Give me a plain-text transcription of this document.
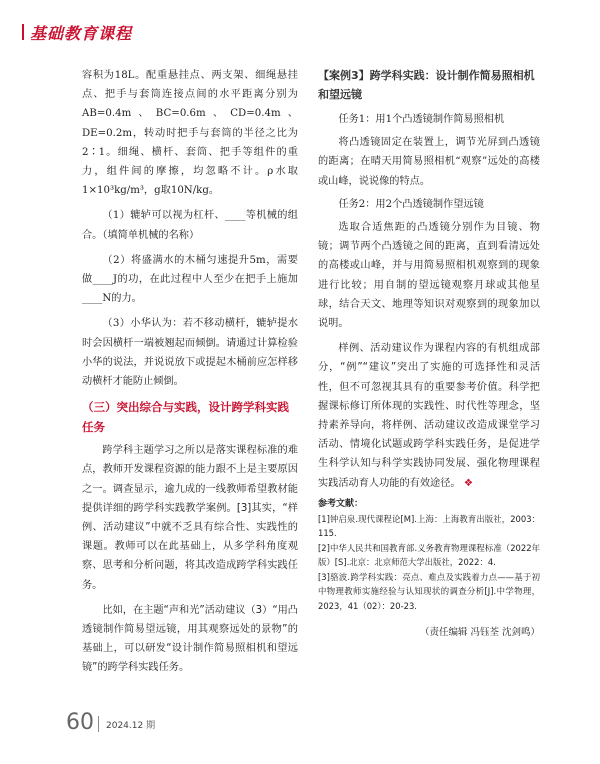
基础教育课程

容积为18L。配重悬挂点、两支架、细绳悬挂点、把手与套筒连接点间的水平距离分别为AB=0.4m、BC=0.6m、CD=0.4m、DE=0.2m，转动时把手与套筒的半径之比为2∶1。细绳、横杆、套筒、把手等组件的重力，组件间的摩擦，均忽略不计。ρ水取1×10³kg/m³，g取10N/kg。

（1）辘轳可以视为杠杆、____等机械的组合。（填简单机械的名称）

（2）将盛满水的木桶匀速提升5m，需要做____J的功，在此过程中人至少在把手上施加____N的力。

（3）小华认为：若不移动横杆，辘轳提水时会因横杆一端被翘起而倾倒。请通过计算检验小华的说法，并说说放下或提起木桶前应怎样移动横杆才能防止倾倒。

（三）突出综合与实践，设计跨学科实践任务

跨学科主题学习之所以是落实课程标准的难点，教师开发课程资源的能力跟不上是主要原因之一。调查显示，逾九成的一线教师希望教材能提供详细的跨学科实践教学案例。[3]其实，“样例、活动建议”中就不乏具有综合性、实践性的课题。教师可以在此基础上，从多学科角度观察、思考和分析问题，将其改造成跨学科实践任务。

比如，在主题“声和光”活动建议（3）“用凸透镜制作简易望远镜，用其观察远处的景物”的基础上，可以研发“设计制作简易照相机和望远镜”的跨学科实践任务。

【案例3】跨学科实践：设计制作简易照相机和望远镜

任务1：用1个凸透镜制作简易照相机

将凸透镜固定在装置上，调节光屏到凸透镜的距离；在晴天用简易照相机“观察”远处的高楼或山峰，说说像的特点。

任务2：用2个凸透镜制作望远镜

选取合适焦距的凸透镜分别作为目镜、物镜；调节两个凸透镜之间的距离，直到看清远处的高楼或山峰，并与用简易照相机观察到的现象进行比较；用自制的望远镜观察月球或其他星球，结合天文、地理等知识对观察到的现象加以说明。

样例、活动建议作为课程内容的有机组成部分，“例”“建议”突出了实施的可选择性和灵活性，但不可忽视其具有的重要参考价值。科学把握课标修订所体现的实践性、时代性等理念，坚持素养导向，将样例、活动建议改造成课堂学习活动、情境化试题或跨学科实践任务，是促进学生科学认知与科学实践协同发展、强化物理课程实践活动育人功能的有效途径。 ❖

参考文献：

[1]钟启泉.现代课程论[M].上海：上海教育出版社，2003：115.

[2]中华人民共和国教育部.义务教育物理课程标准（2022年版）[S].北京：北京师范大学出版社，2022：4.

[3]骆波.跨学科实践：亮点、难点及实践着力点——基于初中物理教师实施经验与认知现状的调查分析[J].中学物理，2023，41（02）：20-23.

（责任编辑 冯钰荃 沈剑鸣）
60 2024.12 期
